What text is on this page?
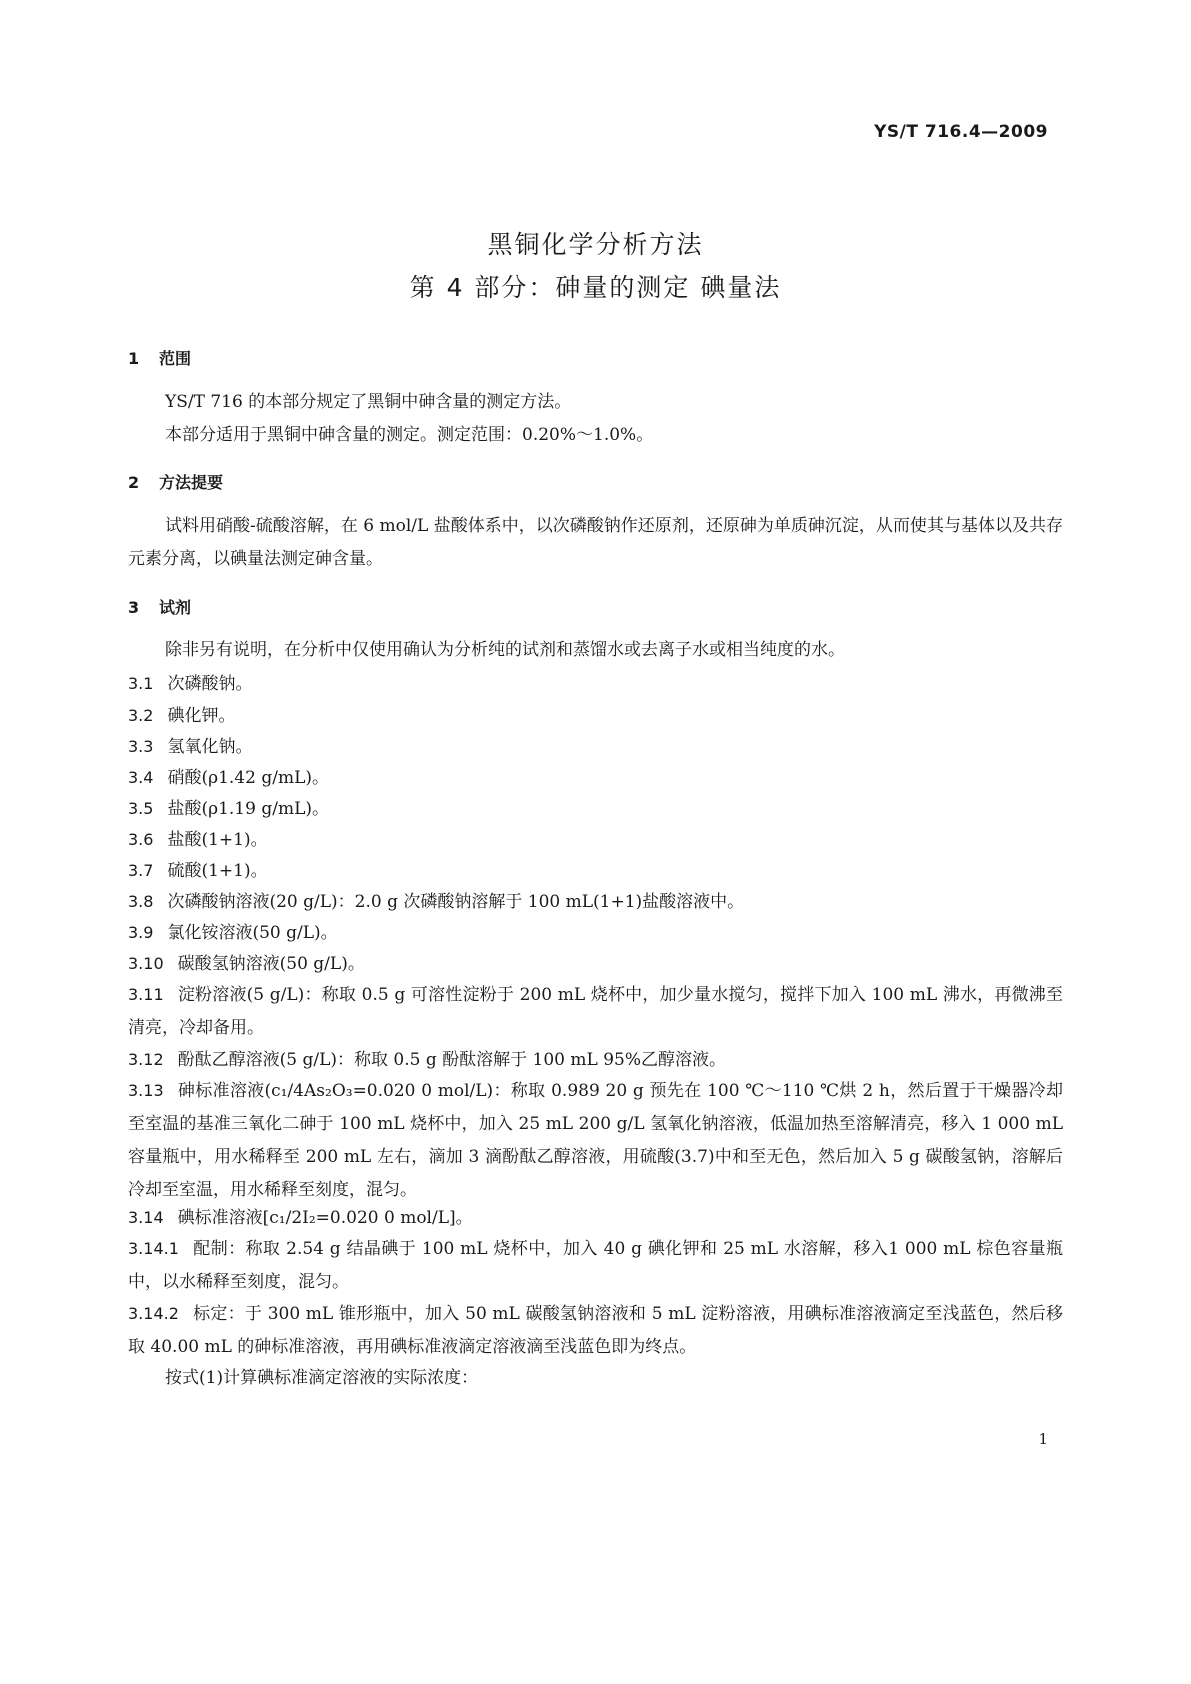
YS/T 716.4—2009
黑铜化学分析方法
第 4 部分：砷量的测定 碘量法
1 范围
YS/T 716 的本部分规定了黑铜中砷含量的测定方法。
本部分适用于黑铜中砷含量的测定。测定范围：0.20%～1.0%。
2 方法提要
试料用硝酸-硫酸溶解，在 6 mol/L 盐酸体系中，以次磷酸钠作还原剂，还原砷为单质砷沉淀，从而使其与基体以及共存元素分离，以碘量法测定砷含量。
3 试剂
除非另有说明，在分析中仅使用确认为分析纯的试剂和蒸馏水或去离子水或相当纯度的水。
3.1 次磷酸钠。
3.2 碘化钾。
3.3 氢氧化钠。
3.4 硝酸(ρ1.42 g/mL)。
3.5 盐酸(ρ1.19 g/mL)。
3.6 盐酸(1+1)。
3.7 硫酸(1+1)。
3.8 次磷酸钠溶液(20 g/L)：2.0 g 次磷酸钠溶解于 100 mL(1+1)盐酸溶液中。
3.9 氯化铵溶液(50 g/L)。
3.10 碳酸氢钠溶液(50 g/L)。
3.11 淀粉溶液(5 g/L)：称取 0.5 g 可溶性淀粉于 200 mL 烧杯中，加少量水搅匀，搅拌下加入 100 mL 沸水，再微沸至清亮，冷却备用。
3.12 酚酞乙醇溶液(5 g/L)：称取 0.5 g 酚酞溶解于 100 mL 95%乙醇溶液。
3.13 砷标准溶液(c₁/4As₂O₃=0.020 0 mol/L)：称取 0.989 20 g 预先在 100 ℃～110 ℃烘 2 h，然后置于干燥器冷却至室温的基准三氧化二砷于 100 mL 烧杯中，加入 25 mL 200 g/L 氢氧化钠溶液，低温加热至溶解清亮，移入 1 000 mL 容量瓶中，用水稀释至 200 mL 左右，滴加 3 滴酚酞乙醇溶液，用硫酸(3.7)中和至无色，然后加入 5 g 碳酸氢钠，溶解后冷却至室温，用水稀释至刻度，混匀。
3.14 碘标准溶液[c₁/2I₂=0.020 0 mol/L]。
3.14.1 配制：称取 2.54 g 结晶碘于 100 mL 烧杯中，加入 40 g 碘化钾和 25 mL 水溶解，移入1 000 mL 棕色容量瓶中，以水稀释至刻度，混匀。
3.14.2 标定：于 300 mL 锥形瓶中，加入 50 mL 碳酸氢钠溶液和 5 mL 淀粉溶液，用碘标准溶液滴定至浅蓝色，然后移取 40.00 mL 的砷标准溶液，再用碘标准液滴定溶液滴至浅蓝色即为终点。
按式(1)计算碘标准滴定溶液的实际浓度：
1
